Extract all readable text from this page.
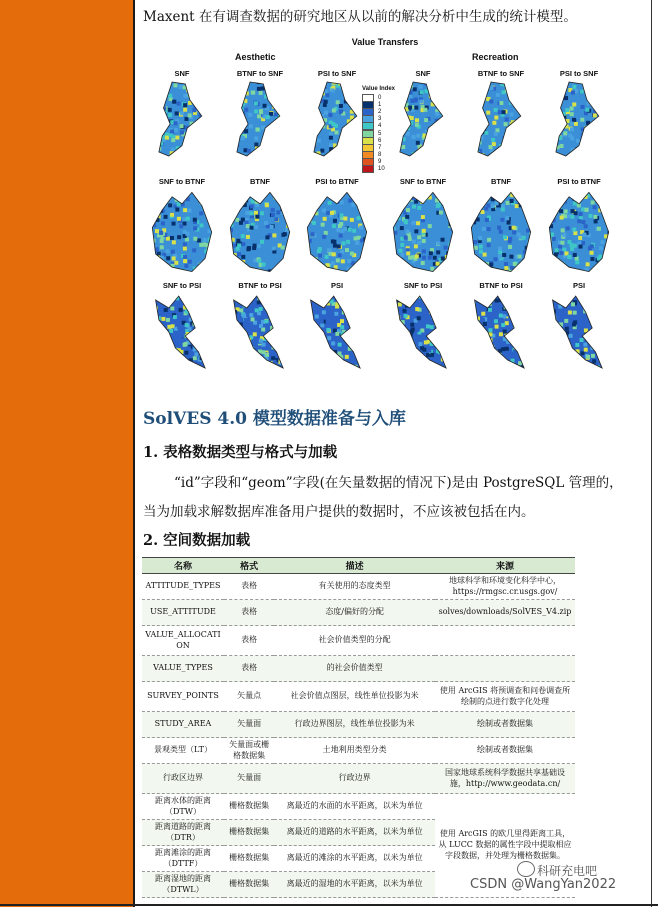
Maxent 在有调查数据的研究地区从以前的解决分析中生成的统计模型。
Value Transfers
Aesthetic	Recreation
SNF	BTNF to SNF	PSI to SNF	SNF	BTNF to SNF	PSI to SNF
SNF to BTNF	BTNF	PSI to BTNF	SNF to BTNF	BTNF	PSI to BTNF
SNF to PSI	BTNF to PSI	PSI	SNF to PSI	BTNF to PSI	PSI
Value Index
0
1
2
3
4
5
6
7
8
9
10
SolVES 4.0 模型数据准备与入库
1. 表格数据类型与格式与加载
“id”字段和“geom”字段(在矢量数据的情况下)是由 PostgreSQL 管理的，
当为加载求解数据库准备用户提供的数据时，不应该被包括在内。
2. 空间数据加载
名称	格式	描述	来源
ATTITUDE_TYPES	表格	有关使用的态度类型	地球科学和环境变化科学中心，https://rmgsc.cr.usgs.gov/
USE_ATTITUDE	表格	态度/偏好的分配	solves/downloads/SolVES_V4.zip
VALUE_ALLOCATION	表格	社会价值类型的分配	
VALUE_TYPES	表格	的社会价值类型	
SURVEY_POINTS	矢量点	社会价值点图层，线性单位投影为米	使用 ArcGIS 将预调查和问卷调查所绘制的点进行数字化处理
STUDY_AREA	矢量面	行政边界图层，线性单位投影为米	绘制或者数据集
景观类型（LT）	矢量面或栅格数据集	土地利用类型分类	绘制或者数据集
行政区边界	矢量面	行政边界	国家地球系统科学数据共享基础设施，http://www.geodata.cn/
距离水体的距离（DTW）	栅格数据集	离最近的水面的水平距离，以米为单位	使用 ArcGIS 的欧几里得距离工具，从 LUCC 数据的属性字段中提取相应字段数据，并处理为栅格数据集。
距离道路的距离（DTR）	栅格数据集	离最近的道路的水平距离，以米为单位	
距离滩涂的距离（DTTF）	栅格数据集	离最近的滩涂的水平距离，以米为单位	
距离湿地的距离（DTWL）	栅格数据集	离最近的湿地的水平距离，以米为单位	
科研充电吧
CSDN @WangYan2022
